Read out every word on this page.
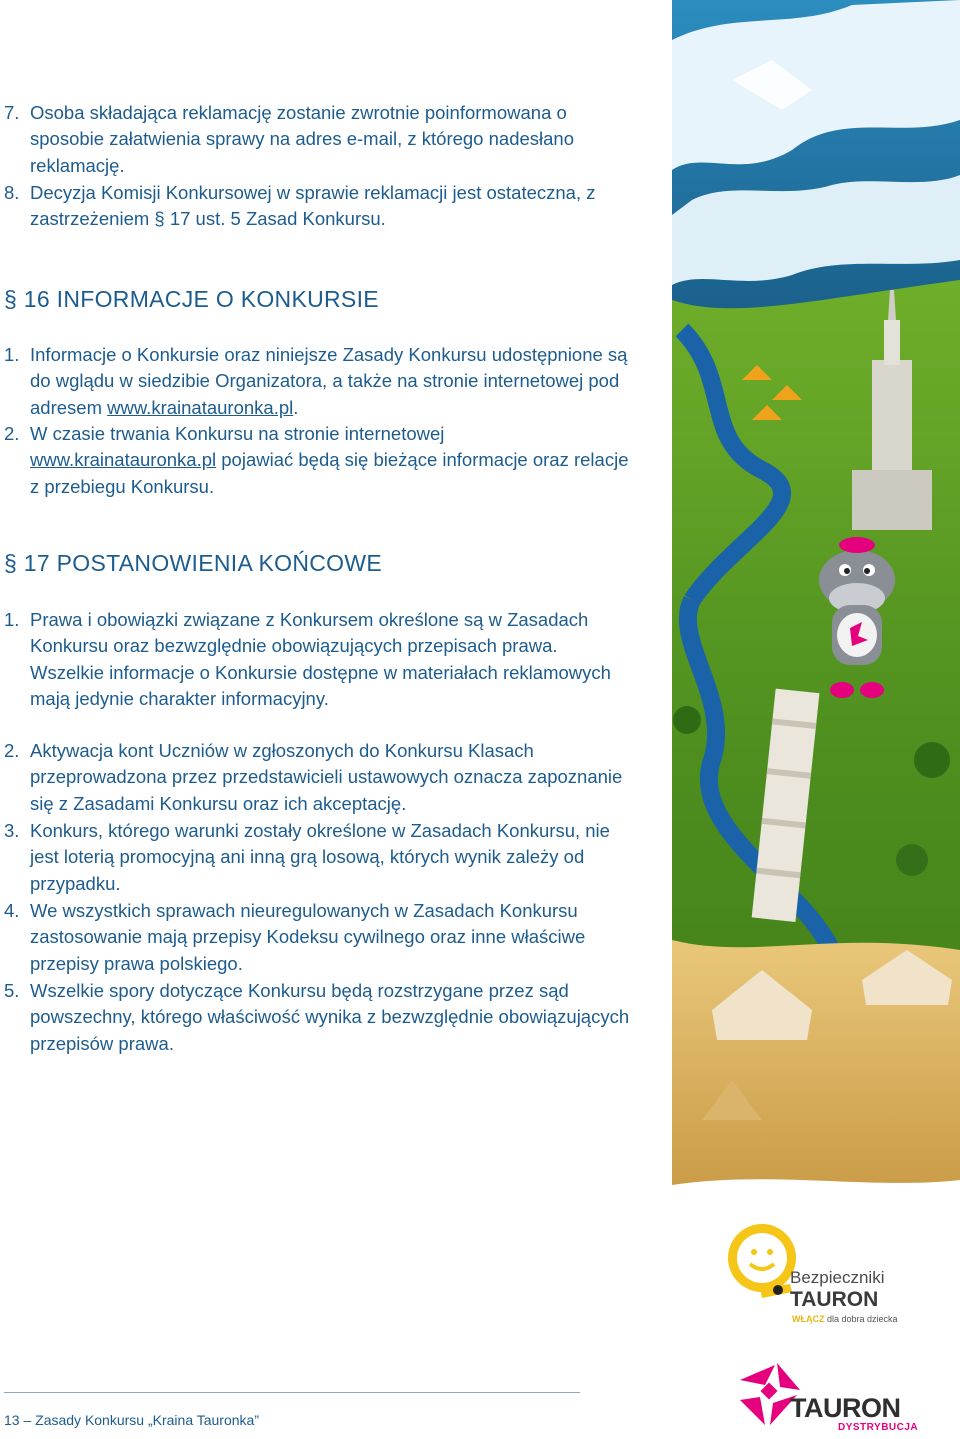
7. Osoba składająca reklamację zostanie zwrotnie poinformowana o sposobie załatwienia sprawy na adres e-mail, z którego nadesłano reklamację.
8. Decyzja Komisji Konkursowej w sprawie reklamacji jest ostateczna, z zastrzeżeniem § 17 ust. 5 Zasad Konkursu.
§ 16 INFORMACJE O KONKURSIE
1. Informacje o Konkursie oraz niniejsze Zasady Konkursu udostępnione są do wglądu w siedzibie Organizatora, a także na stronie internetowej pod adresem www.krainatauronka.pl.
2. W czasie trwania Konkursu na stronie internetowej www.krainatauronka.pl pojawiać będą się bieżące informacje oraz relacje z przebiegu Konkursu.
§ 17 POSTANOWIENIA KOŃCOWE
1. Prawa i obowiązki związane z Konkursem określone są w Zasadach Konkursu oraz bezwzględnie obowiązujących przepisach prawa. Wszelkie informacje o Konkursie dostępne w materiałach reklamowych mają jedynie charakter informacyjny.
2. Aktywacja kont Uczniów w zgłoszonych do Konkursu Klasach przeprowadzona przez przedstawicieli ustawowych oznacza zapoznanie się z Zasadami Konkursu oraz ich akceptację.
3. Konkurs, którego warunki zostały określone w Zasadach Konkursu, nie jest loterią promocyjną ani inną grą losową, których wynik zależy od przypadku.
4. We wszystkich sprawach nieuregulowanych w Zasadach Konkursu zastosowanie mają przepisy Kodeksu cywilnego oraz inne właściwe przepisy prawa polskiego.
5. Wszelkie spory dotyczące Konkursu będą rozstrzygane przez sąd powszechny, którego właściwość wynika z bezwzględnie obowiązujących przepisów prawa.
13 – Zasady Konkursu „Kraina Tauronka”
Bezpieczniki
TAURON
WŁĄCZ dla dobra dziecka
TAURON
DYSTRYBUCJA
